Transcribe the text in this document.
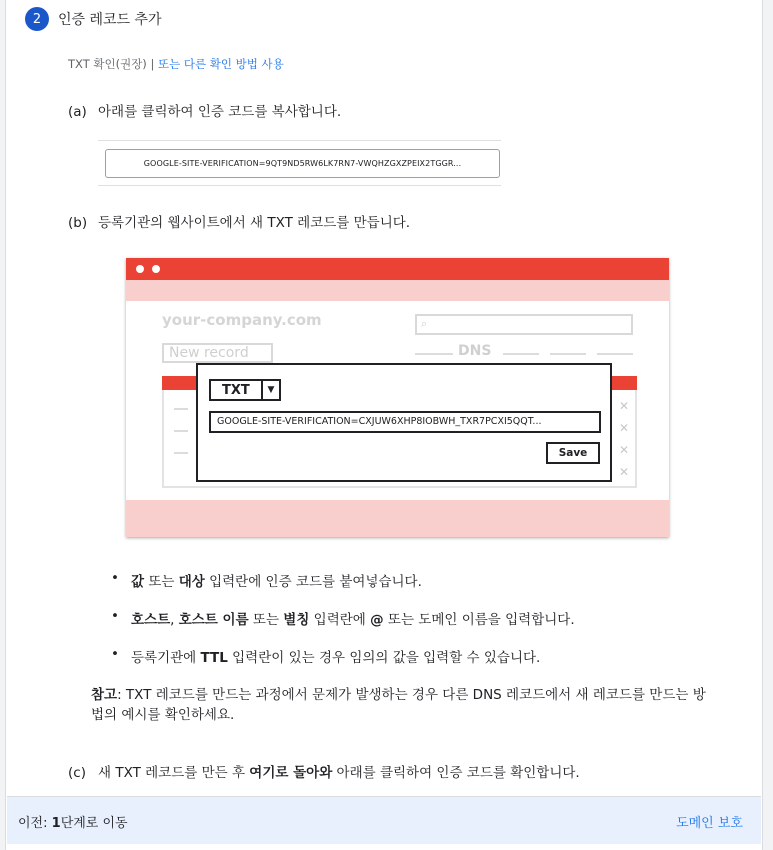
2	인증 레코드 추가
TXT 확인(권장) | 또는 다른 확인 방법 사용
(a) 아래를 클릭하여 인증 코드를 복사합니다.
GOOGLE-SITE-VERIFICATION=9QT9ND5RW6LK7RN7-VWQHZGXZPEIX2TGGR...
(b) 등록기관의 웹사이트에서 새 TXT 레코드를 만듭니다.
your-company.com	⌕
New record	DNS
✕
✕
✕
✕
TXT	▼
GOOGLE-SITE-VERIFICATION=CXJUW6XHP8IOBWH_TXR7PCXI5QQT...
Save
• 값 또는 대상 입력란에 인증 코드를 붙여넣습니다.
• 호스트, 호스트 이름 또는 별칭 입력란에 @ 또는 도메인 이름을 입력합니다.
• 등록기관에 TTL 입력란이 있는 경우 임의의 값을 입력할 수 있습니다.
참고: TXT 레코드를 만드는 과정에서 문제가 발생하는 경우 다른 DNS 레코드에서 새 레코드를 만드는 방법의 예시를 확인하세요.
(c) 새 TXT 레코드를 만든 후 여기로 돌아와 아래를 클릭하여 인증 코드를 확인합니다.
이전: 1단계로 이동	도메인 보호
